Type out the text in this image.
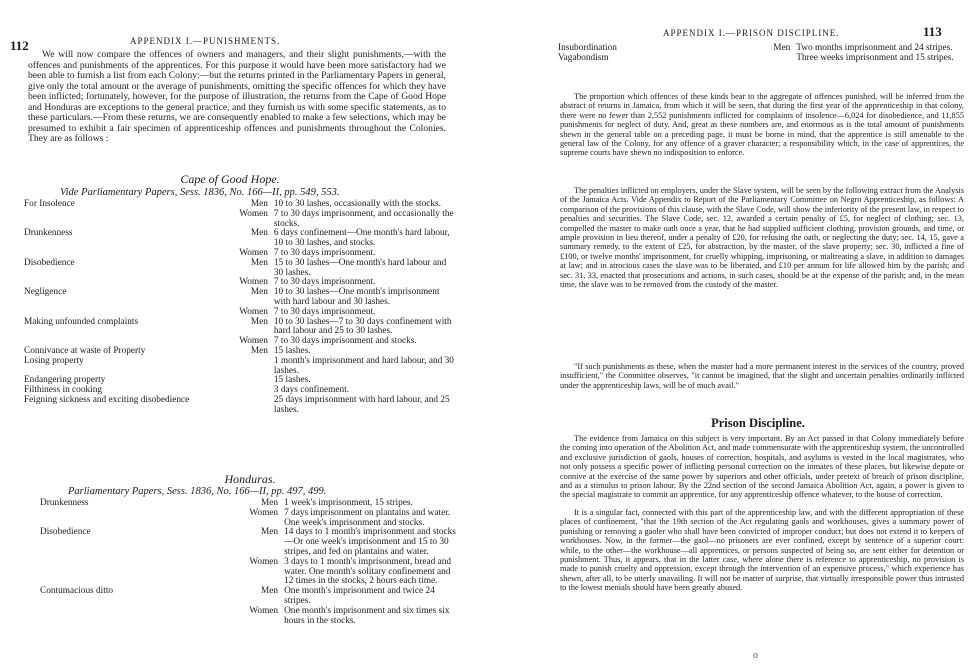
112	APPENDIX I.—PUNISHMENTS.

We will now compare the offences of owners and managers, and their slight punishments,—with the offences and punishments of the apprentices. For this purpose it would have been more satisfactory had we been able to furnish a list from each Colony:—but the returns printed in the Parliamentary Papers in general, give only the total amount or the average of punishments, omitting the specific offences for which they have been inflicted; fortunately, however, for the purpose of illustration, the returns from the Cape of Good Hope and Honduras are exceptions to the general practice, and they furnish us with some specific statements, as to these particulars.—From these returns, we are consequently enabled to make a few selections, which may be presumed to exhibit a fair specimen of apprenticeship offences and punishments throughout the Colonies. They are as follows :

Cape of Good Hope.
Vide Parliamentary Papers, Sess. 1836, No. 166—II, pp. 549, 553.
For Insolence	Men	10 to 30 lashes, occasionally with the stocks.
	Women	7 to 30 days imprisonment, and occasionally the stocks.
Drunkenness	Men	6 days confinement—One month's hard labour, 10 to 30 lashes, and stocks.
	Women	7 to 30 days imprisonment.
Disobedience	Men	15 to 30 lashes—One month's hard labour and 30 lashes.
	Women	7 to 30 days imprisonment.
Negligence	Men	10 to 30 lashes—One month's imprisonment with hard labour and 30 lashes.
	Women	7 to 30 days imprisonment.
Making unfounded complaints	Men	10 to 30 lashes—7 to 30 days confinement with hard labour and 25 to 30 lashes.
	Women	7 to 30 days imprisonment and stocks.
Connivance at waste of Property	Men	15 lashes.
Losing property		1 month's imprisonment and hard labour, and 30 lashes.
Endangering property		15 lashes.
Filthiness in cooking		3 days confinement.
Feigning sickness and exciting disobedience		25 days imprisonment with hard labour, and 25 lashes.
Honduras.
Parliamentary Papers, Sess. 1836, No. 166—II, pp. 497, 499.
Drunkenness	Men	1 week's imprisonment, 15 stripes.
	Women	7 days imprisonment on plantains and water. One week's imprisonment and stocks.
Disobedience	Men	14 days to 1 month's imprisonment and stocks—Or one week's imprisonment and 15 to 30 stripes, and fed on plantains and water.
	Women	3 days to 1 month's imprisonment, bread and water. One month's solitary confinement and 12 times in the stocks, 2 hours each time.
Contumacious ditto	Men	One month's imprisonment and twice 24 stripes.
	Women	One month's imprisonment and six times six hours in the stocks.
APPENDIX I.—PRISON DISCIPLINE.	113
Insubordination	Men	Two months imprisonment and 24 stripes.
Vagabondism		Three weeks imprisonment and 15 stripes.

The proportion which offences of these kinds bear to the aggregate of offences punished, will be inferred from the abstract of returns in Jamaica, from which it will be seen, that during the first year of the apprenticeship in that colony, there were no fewer than 2,552 punishments inflicted for complaints of insolence—6,024 for disobedience, and 11,855 punishments for neglect of duty. And, great as these numbers are, and enormous as is the total amount of punishments shewn in the general table on a preceding page, it must be borne in mind, that the apprentice is still amenable to the general law of the Colony, for any offence of a graver character; a responsibility which, in the case of apprentices, the supreme courts have shewn no indisposition to enforce.

The penalties inflicted on employers, under the Slave system, will be seen by the following extract from the Analysis of the Jamaica Acts. Vide Appendix to Report of the Parliamentary Committee on Negro Apprenticeship, as follows: A comparison of the provisions of this clause, with the Slave Code, will show the inferiority of the present law, in respect to penalties and securities. The Slave Code, sec. 12, awarded a certain penalty of £5, for neglect of clothing; sec. 13, compelled the master to make oath once a year, that he had supplied sufficient clothing, provision grounds, and time, or ample provision in lieu thereof, under a penalty of £20, for refusing the oath, or neglecting the duty; sec. 14, 15, gave a summary remedy, to the extent of £25, for abstraction, by the master, of the slave property; sec. 30, inflicted a fine of £100, or twelve months' imprisonment, for cruelly whipping, imprisoning, or maltreating a slave, in addition to damages at law; and in atrocious cases the slave was to be liberated, and £10 per annum for life allowed him by the parish; and sec. 31, 33, enacted that prosecutions and actions, in such cases, should be at the expense of the parish; and, in the mean time, the slave was to be removed from the custody of the master.

"If such punishments as these, when the master had a more permanent interest in the services of the country, proved insufficient," the Committee observes, "it cannot be imagined, that the slight and uncertain penalties ordinarily inflicted under the apprenticeship laws, will be of much avail."

Prison Discipline.

The evidence from Jamaica on this subject is very important. By an Act passed in that Colony immediately before the coming into operation of the Abolition Act, and made commensurate with the apprenticeship system, the uncontrolled and exclusive jurisdiction of gaols, houses of correction, hospitals, and asylums is vested in the local magistrates, who not only possess a specific power of inflicting personal correction on the inmates of these places, but likewise depute or connive at the exercise of the same power by superiors and other officials, under pretext of breach of prison discipline, and as a stimulus to prison labour. By the 22nd section of the second Jamaica Abolition Act, again, a power is given to the special magistrate to commit an apprentice, for any apprenticeship offence whatever, to the house of correction.

It is a singular fact, connected with this part of the apprenticeship law, and with the different appropriation of these places of confinement, "that the 19th section of the Act regulating gaols and workhouses, gives a summary power of punishing or removing a gaoler who shall have been convicted of improper conduct; but does not extend it to keepers of workhouses. Now, in the former—the gaol—no prisoners are ever confined, except by sentence of a superior court: while, to the other—the workhouse—all apprentices, or persons suspected of being so, are sent either for detention or punishment. Thus, it appears, that in the latter case, where alone there is reference to apprenticeship, no provision is made to punish cruelty and oppression, except through the intervention of an expensive process," which experience has shewn, after all, to be utterly unavailing. It will not be matter of surprise, that virtually irresponsible power thus intrusted to the lowest menials should have been greatly abused.

o
